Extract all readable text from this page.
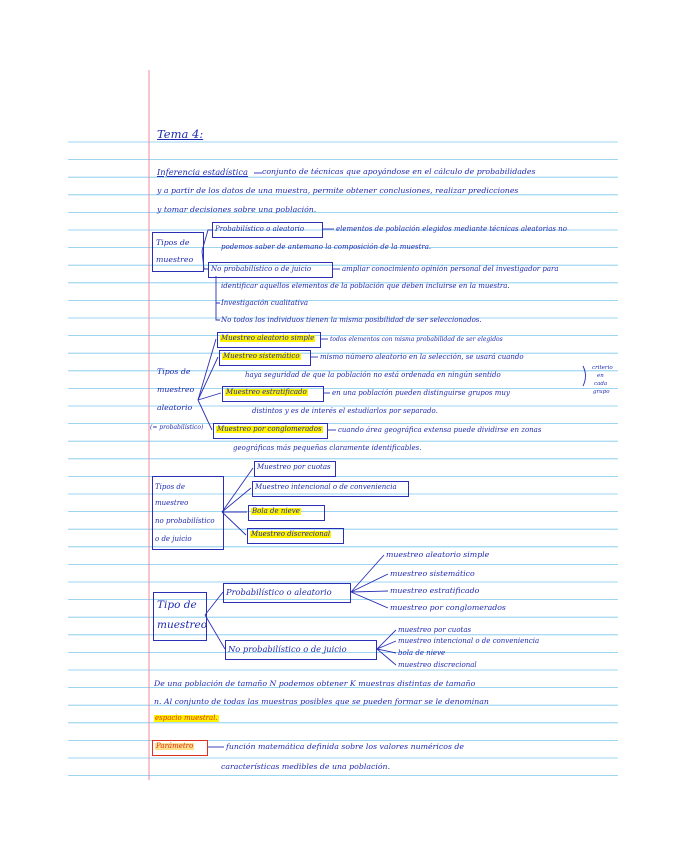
Tema 4:
Inferencia estadística conjunto de técnicas que apoyándose en el cálculo de probabilidades
y a partir de los datos de una muestra, permite obtener conclusiones, realizar predicciones
y tomar decisiones sobre una población.
Tipos de
muestreo
Probabilístico o aleatorio	elementos de población elegidos mediante técnicas aleatorias no
podemos saber de antemano la composición de la muestra.
No probabilístico o de juicio	ampliar conocimiento opinión personal del investigador para
identificar aquellos elementos de la población que deben incluirse en la muestra.
Investigación cualitativa
No todos los individuos tienen la misma posibilidad de ser seleccionados.
Tipos de
muestreo
aleatorio
(= probabilístico)
Muestreo aleatorio simple	todos elementos con misma probabilidad de ser elegidos
Muestreo sistemático	mismo número aleatorio en la selección, se usará cuando
haya seguridad de que la población no está ordenada en ningún sentido
Muestreo estratificado	en una población pueden distinguirse grupos muy
distintos y es de interés el estudiarlos por separado.
Muestreo por conglomerados cuando área geográfica extensa puede dividirse en zonas
geográficas más pequeñas claramente identificables.
criterio
en
cada
grupo
Tipos de
muestreo
no probabilístico
o de juicio
Muestreo por cuotas
Muestreo intencional o de conveniencia
Bola de nieve
Muestreo discrecional
Tipo de
muestreo
Probabilístico o aleatorio
muestreo aleatorio simple
muestreo sistemático
muestreo estratificado
muestreo por conglomerados
No probabilístico o de juicio
muestreo por cuotas
muestreo intencional o de conveniencia
bola de nieve
muestreo discrecional
De una población de tamaño N podemos obtener K muestras distintas de tamaño
n. Al conjunto de todas las muestras posibles que se pueden formar se le denominan
espacio muestral.
Parámetro	función matemática definida sobre los valores numéricos de
características medibles de una población.
